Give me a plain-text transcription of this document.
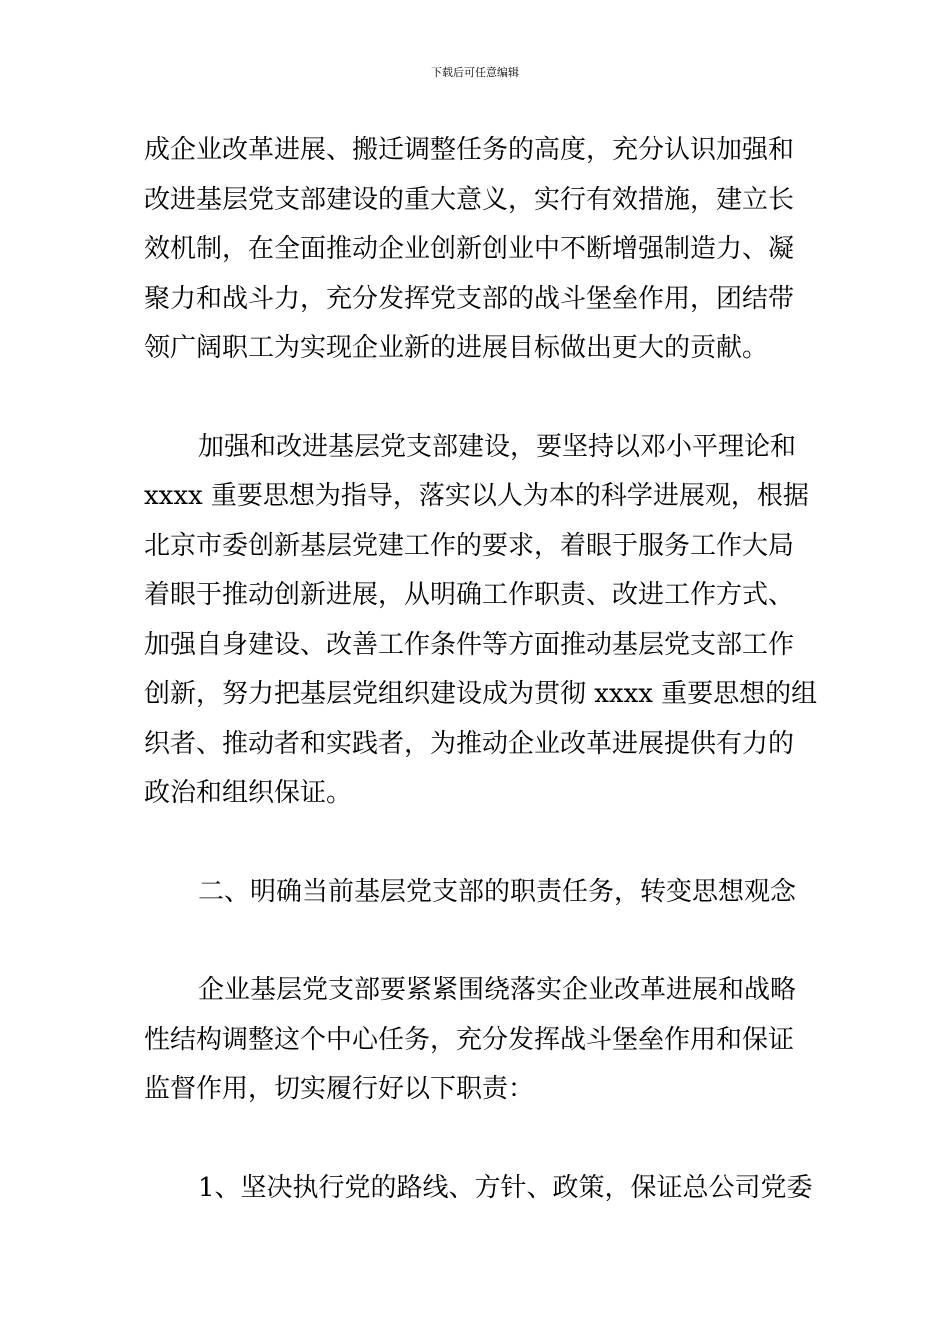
下载后可任意编辑
成企业改革进展、搬迁调整任务的高度，充分认识加强和
改进基层党支部建设的重大意义，实行有效措施，建立长
效机制，在全面推动企业创新创业中不断增强制造力、凝
聚力和战斗力，充分发挥党支部的战斗堡垒作用，团结带
领广阔职工为实现企业新的进展目标做出更大的贡献。
加强和改进基层党支部建设，要坚持以邓小平理论和
xxxx 重要思想为指导，落实以人为本的科学进展观，根据
北京市委创新基层党建工作的要求，着眼于服务工作大局
着眼于推动创新进展，从明确工作职责、改进工作方式、
加强自身建设、改善工作条件等方面推动基层党支部工作
创新，努力把基层党组织建设成为贯彻 xxxx 重要思想的组
织者、推动者和实践者，为推动企业改革进展提供有力的
政治和组织保证。
二、明确当前基层党支部的职责任务，转变思想观念
企业基层党支部要紧紧围绕落实企业改革进展和战略
性结构调整这个中心任务，充分发挥战斗堡垒作用和保证
监督作用，切实履行好以下职责：
1、坚决执行党的路线、方针、政策，保证总公司党委
